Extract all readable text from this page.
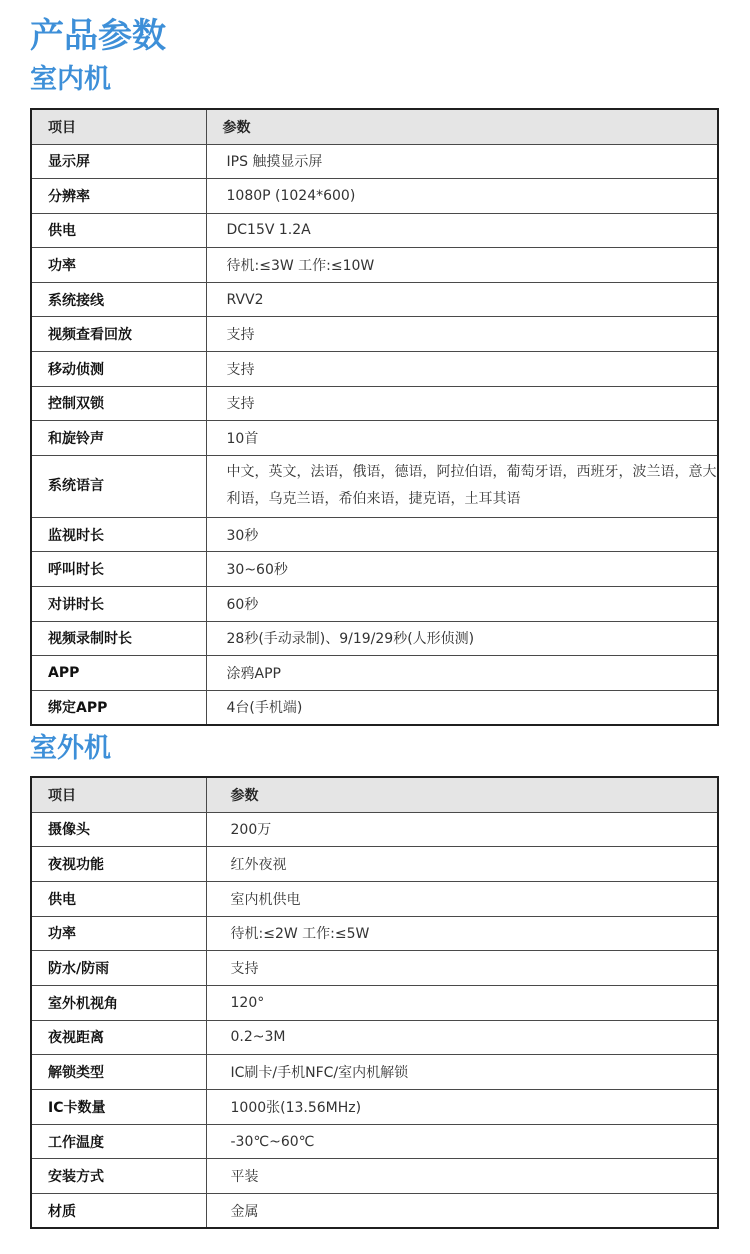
产品参数
室内机
项目	参数
显示屏	IPS 触摸显示屏
分辨率	1080P (1024*600)
供电	DC15V 1.2A
功率	待机:≤3W 工作:≤10W
系统接线	RVV2
视频查看回放	支持
移动侦测	支持
控制双锁	支持
和旋铃声	10首
系统语言	中文，英文，法语，俄语，德语，阿拉伯语，葡萄牙语，西班牙，波兰语，意大利语，乌克兰语，希伯来语，捷克语，土耳其语
监视时长	30秒
呼叫时长	30~60秒
对讲时长	60秒
视频录制时长	28秒(手动录制)、9/19/29秒(人形侦测)
APP	涂鸦APP
绑定APP	4台(手机端)
室外机
项目	参数
摄像头	200万
夜视功能	红外夜视
供电	室内机供电
功率	待机:≤2W 工作:≤5W
防水/防雨	支持
室外机视角	120°
夜视距离	0.2~3M
解锁类型	IC刷卡/手机NFC/室内机解锁
IC卡数量	1000张(13.56MHz)
工作温度	-30℃~60℃
安装方式	平装
材质	金属
